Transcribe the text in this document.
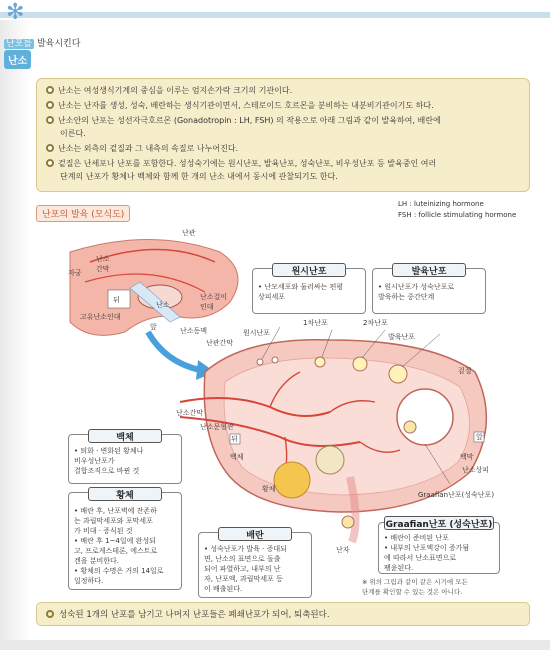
✻
난포를 발육시킨다
난소
난소는 여성생식기계의 중심을 이루는 엄지손가락 크기의 기관이다.
난소는 난자를 생성, 성숙, 배란하는 생식기관이면서, 스테로이드 호르몬을 분비하는 내분비기관이기도 하다.
난소안의 난포는 성선자극호르몬 (Gonadotropin : LH, FSH) 의 작용으로 아래 그림과 같이 발육하여, 배란에
이른다.
난소는 외측의 겉질과 그 내측의 속질로 나누어진다.
겉질은 난세포나 난포를 포함한다. 성성숙기에는 원시난포, 발육난포, 성숙난포, 비우성난포 등 발육중인 여러
단계의 난포가 황체나 백체와 함께 한 개의 난소 내에서 동시에 관찰되기도 한다.
난포의 발육 (모식도)
LH : luteinizing hormone
FSH : follicle stimulating hormone
난관
자궁
난소
간막
뒤
앞
난소
고유난소인대
난소걸이
인대
난소동맥
난관간막
원시난포
1차난포	2차난포
발육난포
겉질
난소간막
난소문혈관
뒤	앞
백체
황체
백막
난소상피
Graafian난포(성숙난포)
난자
원시난포
• 난모세포와 둘러싸는 편평
상피세포
발육난포
• 원시난포가 성숙난포로
발육하는 중간단계
백체
• 퇴화 · 변화된 황체나
비우성난포가
결합조직으로 바뀐 것
황체
• 배란 후, 난포벽에 잔존하
는 과립막세포와 포막세포
가 비대 · 증식된 것
• 배란 후 1~4일에 완성되
고, 프로게스테론, 에스트로
겐을 분비한다.
• 황체의 수명은 거의 14일로
일정하다.
배란
• 성숙난포가 발육 · 증대되
면, 난소의 표면으로 돌출
되어 파열하고, 내부의 난
자, 난포액, 과립막세포 등
이 배출된다.
Graafian난포 (성숙난포)
• 배란이 준비된 난포
• 내부의 난포액강이 증가됨
에 따라서 난소표면으로
팽윤된다.
※ 위의 그림과 같이 같은 시기에 모든
단계를 확인할 수 있는 것은 아니다.
성숙된 1개의 난포를 남기고 나머지 난포들은 폐쇄난포가 되어, 퇴축된다.
